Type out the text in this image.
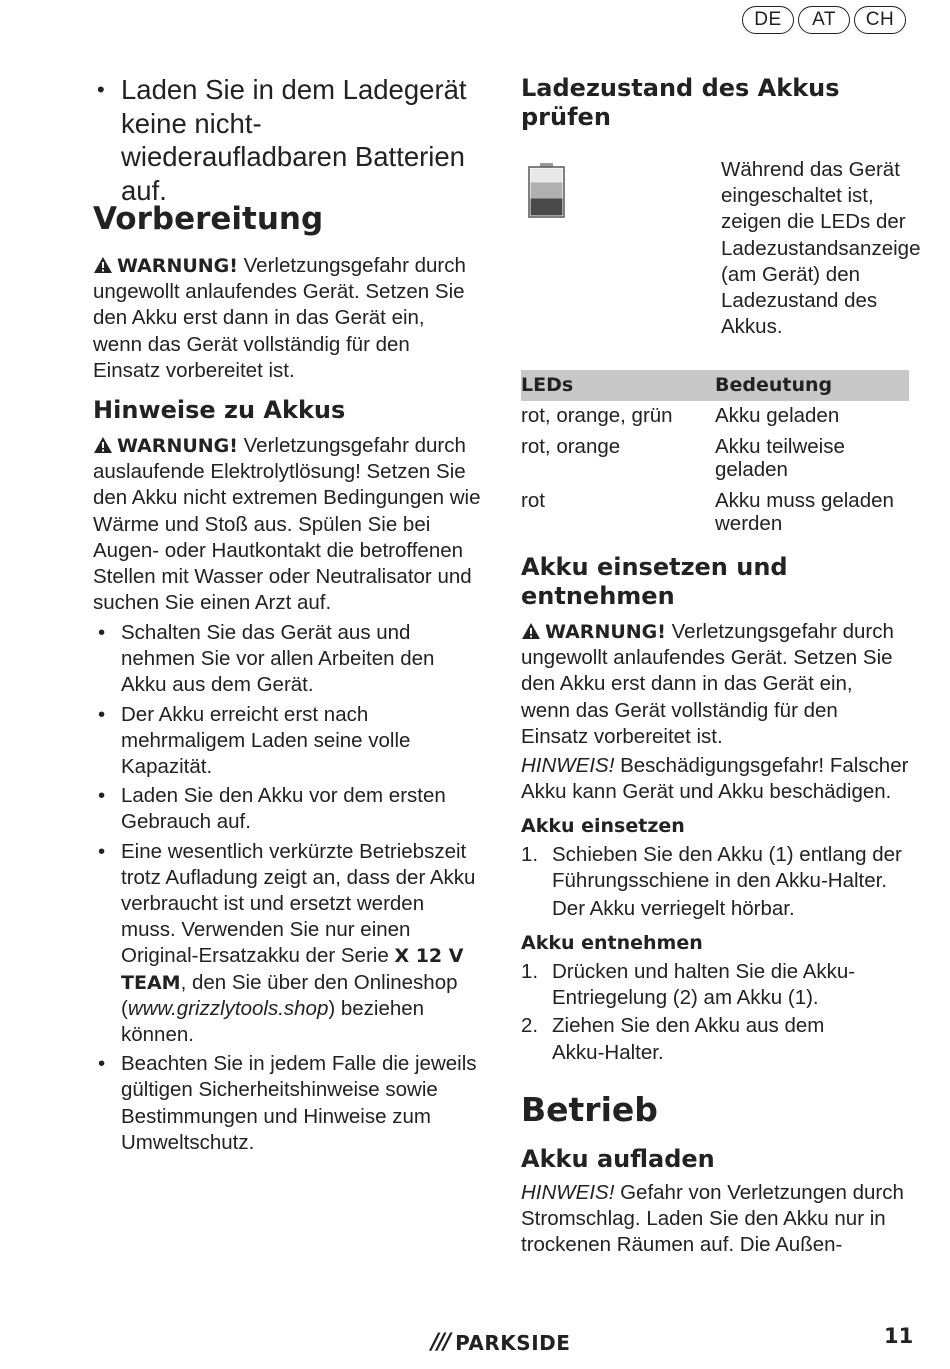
DE	AT	CH
• Laden Sie in dem Ladegerät keine nicht-wiederaufladbaren Batterien auf.
Vorbereitung
WARNUNG! Verletzungsgefahr durch ungewollt anlaufendes Gerät. Setzen Sie den Akku erst dann in das Gerät ein, wenn das Gerät vollständig für den Einsatz vorbereitet ist.
Hinweise zu Akkus
WARNUNG! Verletzungsgefahr durch auslaufende Elektrolytlösung! Setzen Sie den Akku nicht extremen Bedingungen wie Wärme und Stoß aus. Spülen Sie bei Augen- oder Hautkontakt die betroffenen Stellen mit Wasser oder Neutralisator und suchen Sie einen Arzt auf.
• Schalten Sie das Gerät aus und nehmen Sie vor allen Arbeiten den Akku aus dem Gerät.
• Der Akku erreicht erst nach mehrmaligem Laden seine volle Kapazität.
• Laden Sie den Akku vor dem ersten Gebrauch auf.
• Eine wesentlich verkürzte Betriebszeit trotz Aufladung zeigt an, dass der Akku verbraucht ist und ersetzt werden muss. Verwenden Sie nur einen Original-Ersatzakku der Serie X 12 V TEAM, den Sie über den Onlineshop (www.grizzlytools.shop) beziehen können.
• Beachten Sie in jedem Falle die jeweils gültigen Sicherheitshinweise sowie Bestimmungen und Hinweise zum Umweltschutz.
Ladezustand des Akkus prüfen
Während das Gerät eingeschaltet ist, zeigen die LEDs der Ladezustandsanzeige (am Gerät) den Ladezustand des Akkus.
LEDs	Bedeutung
rot, orange, grün	Akku geladen
rot, orange	Akku teilweise geladen
rot	Akku muss geladen werden
Akku einsetzen und entnehmen
WARNUNG! Verletzungsgefahr durch ungewollt anlaufendes Gerät. Setzen Sie den Akku erst dann in das Gerät ein, wenn das Gerät vollständig für den Einsatz vorbereitet ist.
HINWEIS! Beschädigungsgefahr! Falscher Akku kann Gerät und Akku beschädigen.
Akku einsetzen
1. Schieben Sie den Akku (1) entlang der Führungsschiene in den Akku-Halter.
Der Akku verriegelt hörbar.
Akku entnehmen
1. Drücken und halten Sie die Akku-Entriegelung (2) am Akku (1).
2. Ziehen Sie den Akku aus dem Akku-Halter.
Betrieb
Akku aufladen
HINWEIS! Gefahr von Verletzungen durch Stromschlag. Laden Sie den Akku nur in trockenen Räumen auf. Die Außen-
/// PARKSIDE	11
